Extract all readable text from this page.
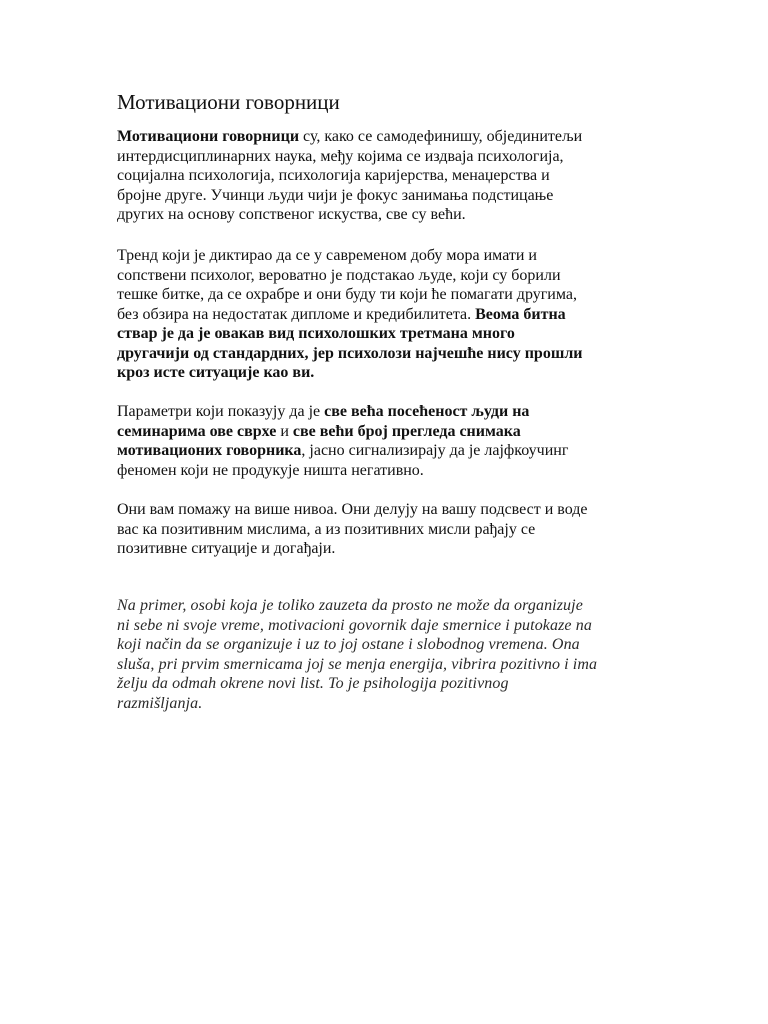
Мотивациони говорници

Мотивациони говорници су, како се самодефинишу, објединитељи
интердисциплинарних наука, међу којима се издваја психологија,
социјална психологија, психологија каријерства, менаџерства и
бројне друге. Учинци људи чији је фокус занимања подстицање
других на основу сопственог искуства, све су већи.

Тренд који је диктирао да се у савременом добу мора имати и
сопствени психолог, вероватно је подстакао људе, који су борили
тешке битке, да се охрабре и они буду ти који ће помагати другима,
без обзира на недостатак дипломе и кредибилитета. Веома битна
ствар је да је овакав вид психолошких третмана много
другачији од стандардних, јер психолози најчешће нису прошли
кроз исте ситуације као ви.

Параметри који показују да је све већа посећеност људи на
семинарима ове сврхе и све већи број прегледа снимака
мотивационих говорника, јасно сигнализирају да је лајфкоучинг
феномен који не продукује ништа негативно.

Они вам помажу на више нивоа. Они делују на вашу подсвест и воде
вас ка позитивним мислима, а из позитивних мисли рађају се
позитивне ситуације и догађаји.

Na primer, osobi koja je toliko zauzeta da prosto ne može da organizuje
ni sebe ni svoje vreme, motivacioni govornik daje smernice i putokaze na
koji način da se organizuje i uz to joj ostane i slobodnog vremena. Ona
sluša, pri prvim smernicama joj se menja energija, vibrira pozitivno i ima
želju da odmah okrene novi list. To je psihologija pozitivnog
razmišljanja.
